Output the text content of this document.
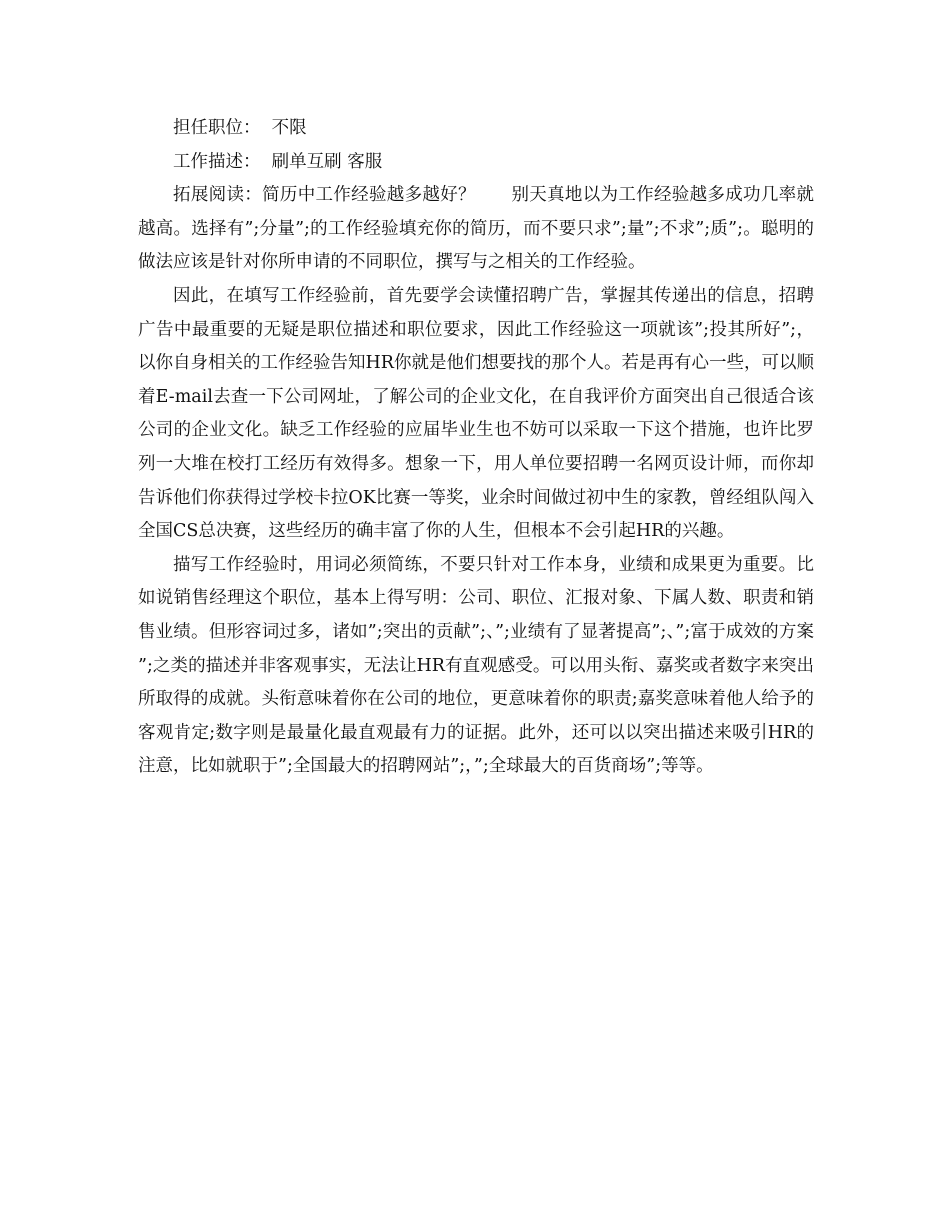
担任职位： 不限

工作描述： 刷单互刷 客服

拓展阅读：简历中工作经验越多越好？　　别天真地以为工作经验越多成功几率就越高。选择有”;分量”;的工作经验填充你的简历，而不要只求”;量”;不求”;质”;。聪明的做法应该是针对你所申请的不同职位，撰写与之相关的工作经验。

因此，在填写工作经验前，首先要学会读懂招聘广告，掌握其传递出的信息，招聘广告中最重要的无疑是职位描述和职位要求，因此工作经验这一项就该”;投其所好”;，以你自身相关的工作经验告知HR你就是他们想要找的那个人。若是再有心一些，可以顺着E-mail去查一下公司网址，了解公司的企业文化，在自我评价方面突出自己很适合该公司的企业文化。缺乏工作经验的应届毕业生也不妨可以采取一下这个措施，也许比罗列一大堆在校打工经历有效得多。想象一下，用人单位要招聘一名网页设计师，而你却告诉他们你获得过学校卡拉OK比赛一等奖，业余时间做过初中生的家教，曾经组队闯入全国CS总决赛，这些经历的确丰富了你的人生，但根本不会引起HR的兴趣。

描写工作经验时，用词必须简练，不要只针对工作本身，业绩和成果更为重要。比如说销售经理这个职位，基本上得写明：公司、职位、汇报对象、下属人数、职责和销售业绩。但形容词过多，诸如”;突出的贡献”;、”;业绩有了显著提高”;、”;富于成效的方案”;之类的描述并非客观事实，无法让HR有直观感受。可以用头衔、嘉奖或者数字来突出所取得的成就。头衔意味着你在公司的地位，更意味着你的职责;嘉奖意味着他人给予的客观肯定;数字则是最量化最直观最有力的证据。此外，还可以以突出描述来吸引HR的注意，比如就职于”;全国最大的招聘网站”;，”;全球最大的百货商场”;等等。
